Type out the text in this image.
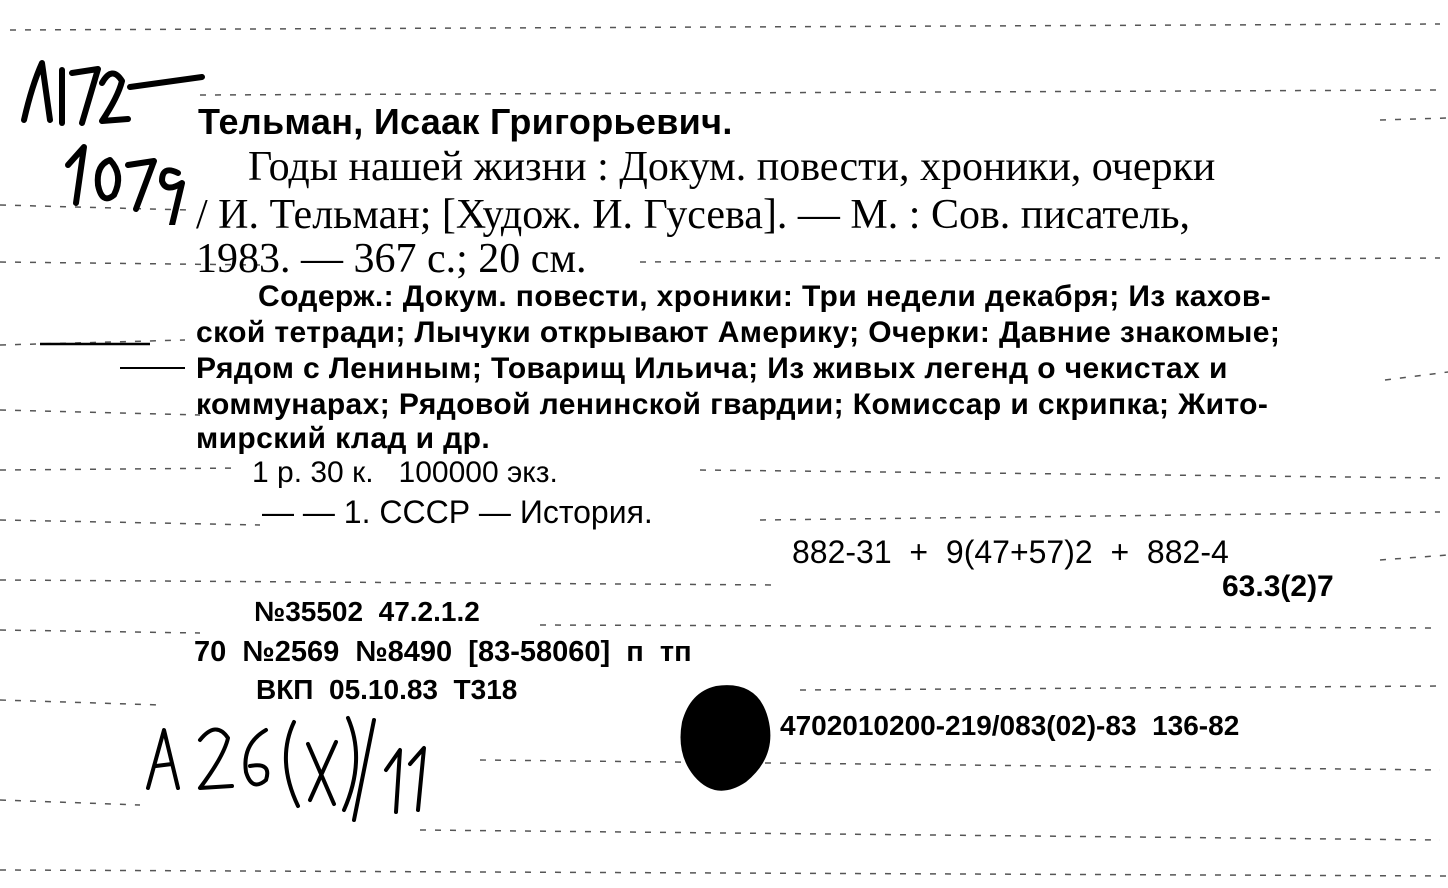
Тельман, Исаак Григорьевич.
Годы нашей жизни : Докум. повести, хроники, очерки
/ И. Тельман; [Худож. И. Гусева]. — М. : Сов. писатель,
1983. — 367 с.; 20 см.
Содерж.: Докум. повести, хроники: Три недели декабря; Из кахов-
ской тетради; Лычуки открывают Америку; Очерки: Давние знакомые;
Рядом с Лениным; Товарищ Ильича; Из живых легенд о чекистах и
коммунарах; Рядовой ленинской гвардии; Комиссар и скрипка; Жито-
мирский клад и др.
1 р. 30 к.   100000 экз.
— — 1. СССР — История.
882-31  +  9(47+57)2  +  882-4
63.3(2)7
№35502  47.2.1.2
70  №2569  №8490  [83-58060]  п  тп
ВКП  05.10.83  Т318
4702010200-219/083(02)-83  136-82
